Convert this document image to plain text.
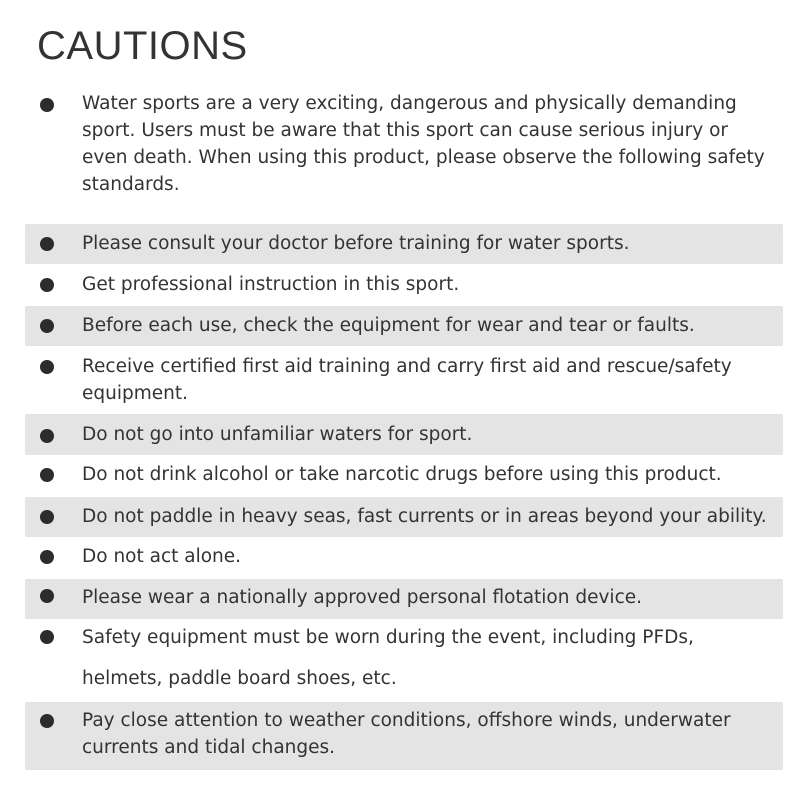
CAUTIONS
Water sports are a very exciting, dangerous and physically demanding
sport. Users must be aware that this sport can cause serious injury or
even death. When using this product, please observe the following safety
standards.
Please consult your doctor before training for water sports.
Get professional instruction in this sport.
Before each use, check the equipment for wear and tear or faults.
Receive certified first aid training and carry first aid and rescue/safety
equipment.
Do not go into unfamiliar waters for sport.
Do not drink alcohol or take narcotic drugs before using this product.
Do not paddle in heavy seas, fast currents or in areas beyond your ability.
Do not act alone.
Please wear a nationally approved personal flotation device.
Safety equipment must be worn during the event, including PFDs,
helmets, paddle board shoes, etc.
Pay close attention to weather conditions, offshore winds, underwater
currents and tidal changes.
